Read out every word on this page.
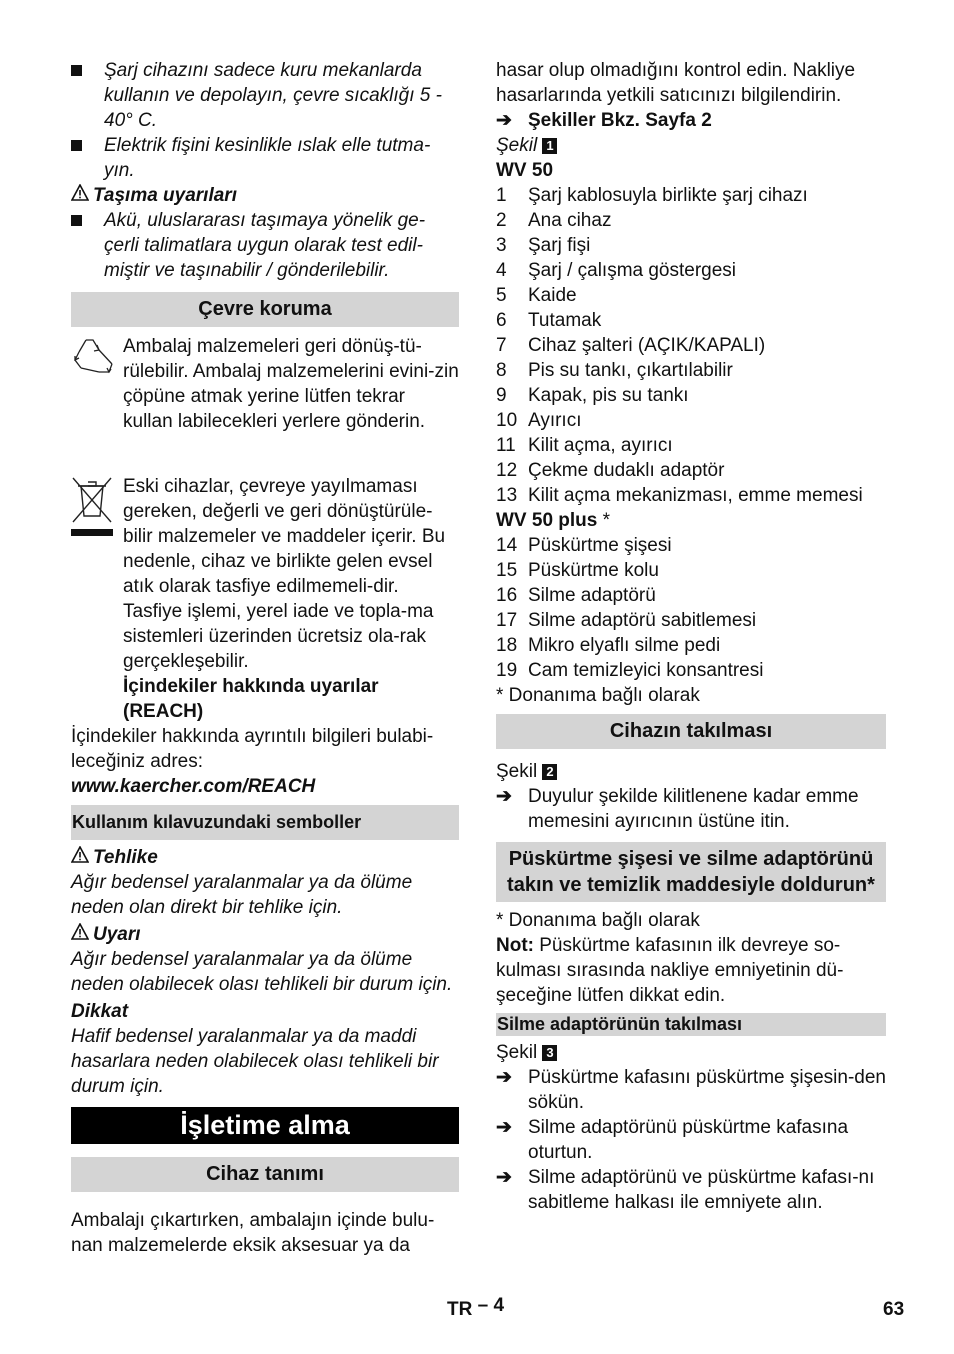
Şarj cihazını sadece kuru mekanlarda kullanın ve depolayın, çevre sıcaklığı 5 - 40° C.

Elektrik fişini kesinlikle ıslak elle tutma-yın.

Taşıma uyarıları

Akü, uluslararası taşımaya yönelik ge-çerli talimatlara uygun olarak test edil-miştir ve taşınabilir / gönderilebilir.

Çevre koruma

Ambalaj malzemeleri geri dönüş-tü-rülebilir. Ambalaj malzemelerini evini-zin çöpüne atmak yerine lütfen tekrar kullan labilecekleri yerlere gönderin.

Eski cihazlar, çevreye yayılmaması gereken, değerli ve geri dönüştürüle-bilir malzemeler ve maddeler içerir. Bu nedenle, cihaz ve birlikte gelen evsel atık olarak tasfiye edilmemeli-dir. Tasfiye işlemi, yerel iade ve topla-ma sistemleri üzerinden ücretsiz ola-rak gerçekleşebilir.

İçindekiler hakkında uyarılar (REACH)

İçindekiler hakkında ayrıntılı bilgileri bulabi-leceğiniz adres:

www.kaercher.com/REACH

Kullanım kılavuzundaki semboller

Tehlike

Ağır bedensel yaralanmalar ya da ölüme neden olan direkt bir tehlike için.

Uyarı

Ağır bedensel yaralanmalar ya da ölüme neden olabilecek olası tehlikeli bir durum için.

Dikkat

Hafif bedensel yaralanmalar ya da maddi hasarlara neden olabilecek olası tehlikeli bir durum için.

İşletime alma
Cihaz tanımı

Ambalajı çıkartırken, ambalajın içinde bulu-nan malzemelerde eksik aksesuar ya da

hasar olup olmadığını kontrol edin. Nakliye hasarlarında yetkili satıcınızı bilgilendirin.

➔ Şekiller Bkz. Sayfa 2

Şekil 1

WV 50

1	Şarj kablosuyla birlikte şarj cihazı
2	Ana cihaz
3	Şarj fişi
4	Şarj / çalışma göstergesi
5	Kaide
6	Tutamak
7	Cihaz şalteri (AÇIK/KAPALI)
8	Pis su tankı, çıkartılabilir
9	Kapak, pis su tankı
10 Ayırıcı
11 Kilit açma, ayırıcı
12 Çekme dudaklı adaptör
13 Kilit açma mekanizması, emme memesi

WV 50 plus *

14 Püskürtme şişesi
15 Püskürtme kolu
16 Silme adaptörü
17 Silme adaptörü sabitlemesi
18 Mikro elyaflı silme pedi
19 Cam temizleyici konsantresi

* Donanıma bağlı olarak

Cihazın takılması

Şekil 2

➔ Duyulur şekilde kilitlenene kadar emme memesini ayırıcının üstüne itin.
Püskürtme şişesi ve silme adaptörünü takın ve temizlik maddesiyle doldurun*

* Donanıma bağlı olarak

Not: Püskürtme kafasının ilk devreye so-kulması sırasında nakliye emniyetinin dü-şeceğine lütfen dikkat edin.

Silme adaptörünün takılması

Şekil 3

➔ Püskürtme kafasını püskürtme şişesin-den sökün.
➔ Silme adaptörünü püskürtme kafasına oturtun.
➔ Silme adaptörünü ve püskürtme kafası-nı sabitleme halkası ile emniyete alın.
TR – 4	63
